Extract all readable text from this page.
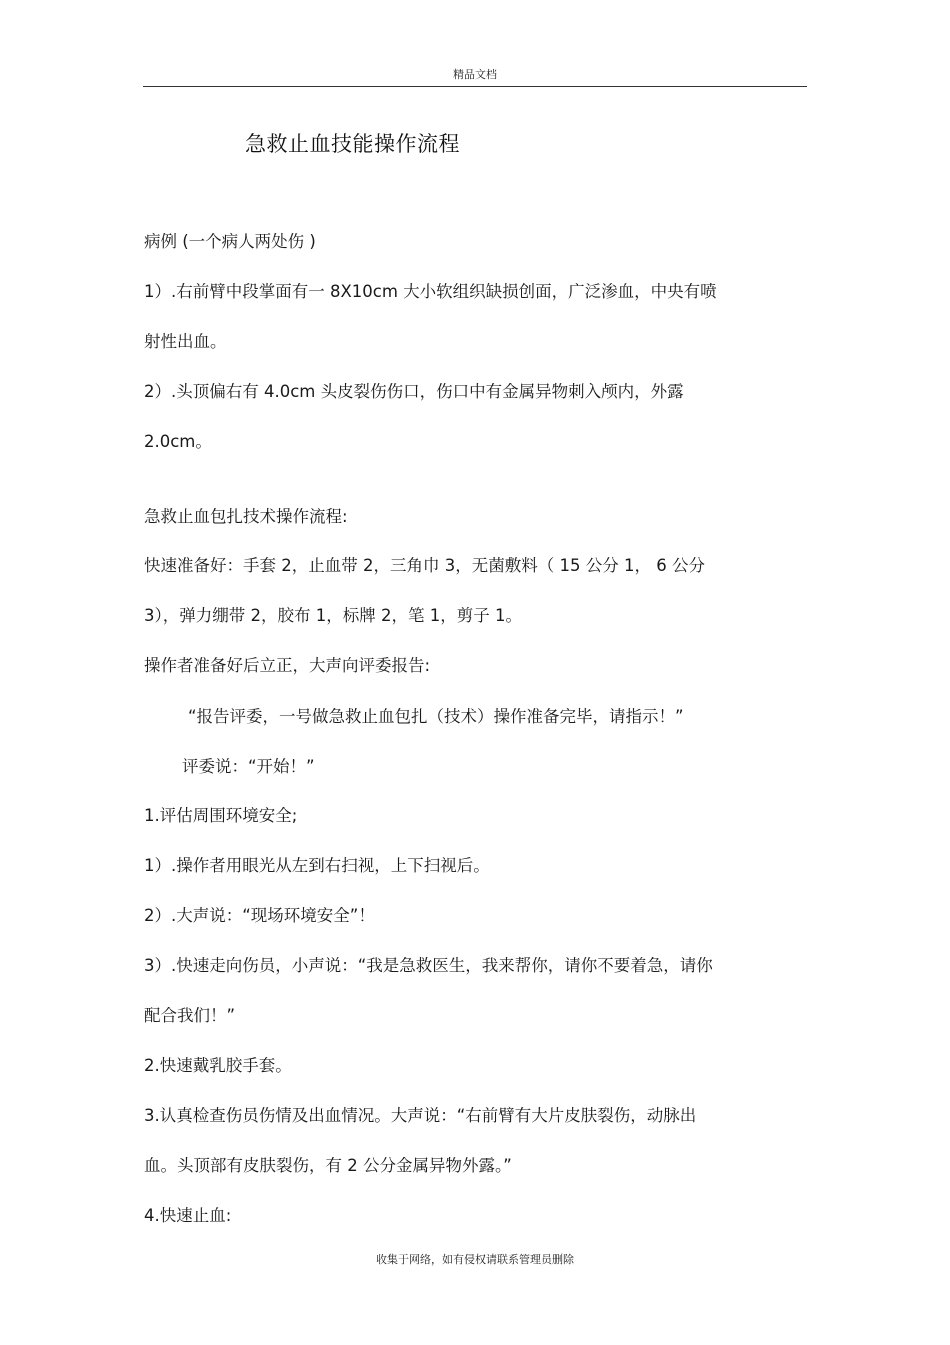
精品文档
急救止血技能操作流程
病例 (一个病人两处伤 )
1）.右前臂中段掌面有一 8X10cm 大小软组织缺损创面，广泛渗血，中央有喷
射性出血。
2）.头顶偏右有 4.0cm 头皮裂伤伤口，伤口中有金属异物刺入颅内，外露
2.0cm。
急救止血包扎技术操作流程:
快速准备好：手套 2，止血带 2，三角巾 3，无菌敷料（ 15 公分 1， 6 公分
3），弹力绷带 2，胶布 1，标牌 2，笔 1，剪子 1。
操作者准备好后立正，大声向评委报告:
“报告评委，一号做急救止血包扎（技术）操作准备完毕，请指示！”
评委说：“开始！”
1.评估周围环境安全;
1）.操作者用眼光从左到右扫视，上下扫视后。
2）.大声说：“现场环境安全”！
3）.快速走向伤员，小声说：“我是急救医生，我来帮你，请你不要着急，请你
配合我们！”
2.快速戴乳胶手套。
3.认真检查伤员伤情及出血情况。大声说：“右前臂有大片皮肤裂伤，动脉出
血。头顶部有皮肤裂伤，有 2 公分金属异物外露。”
4.快速止血:
收集于网络，如有侵权请联系管理员删除
